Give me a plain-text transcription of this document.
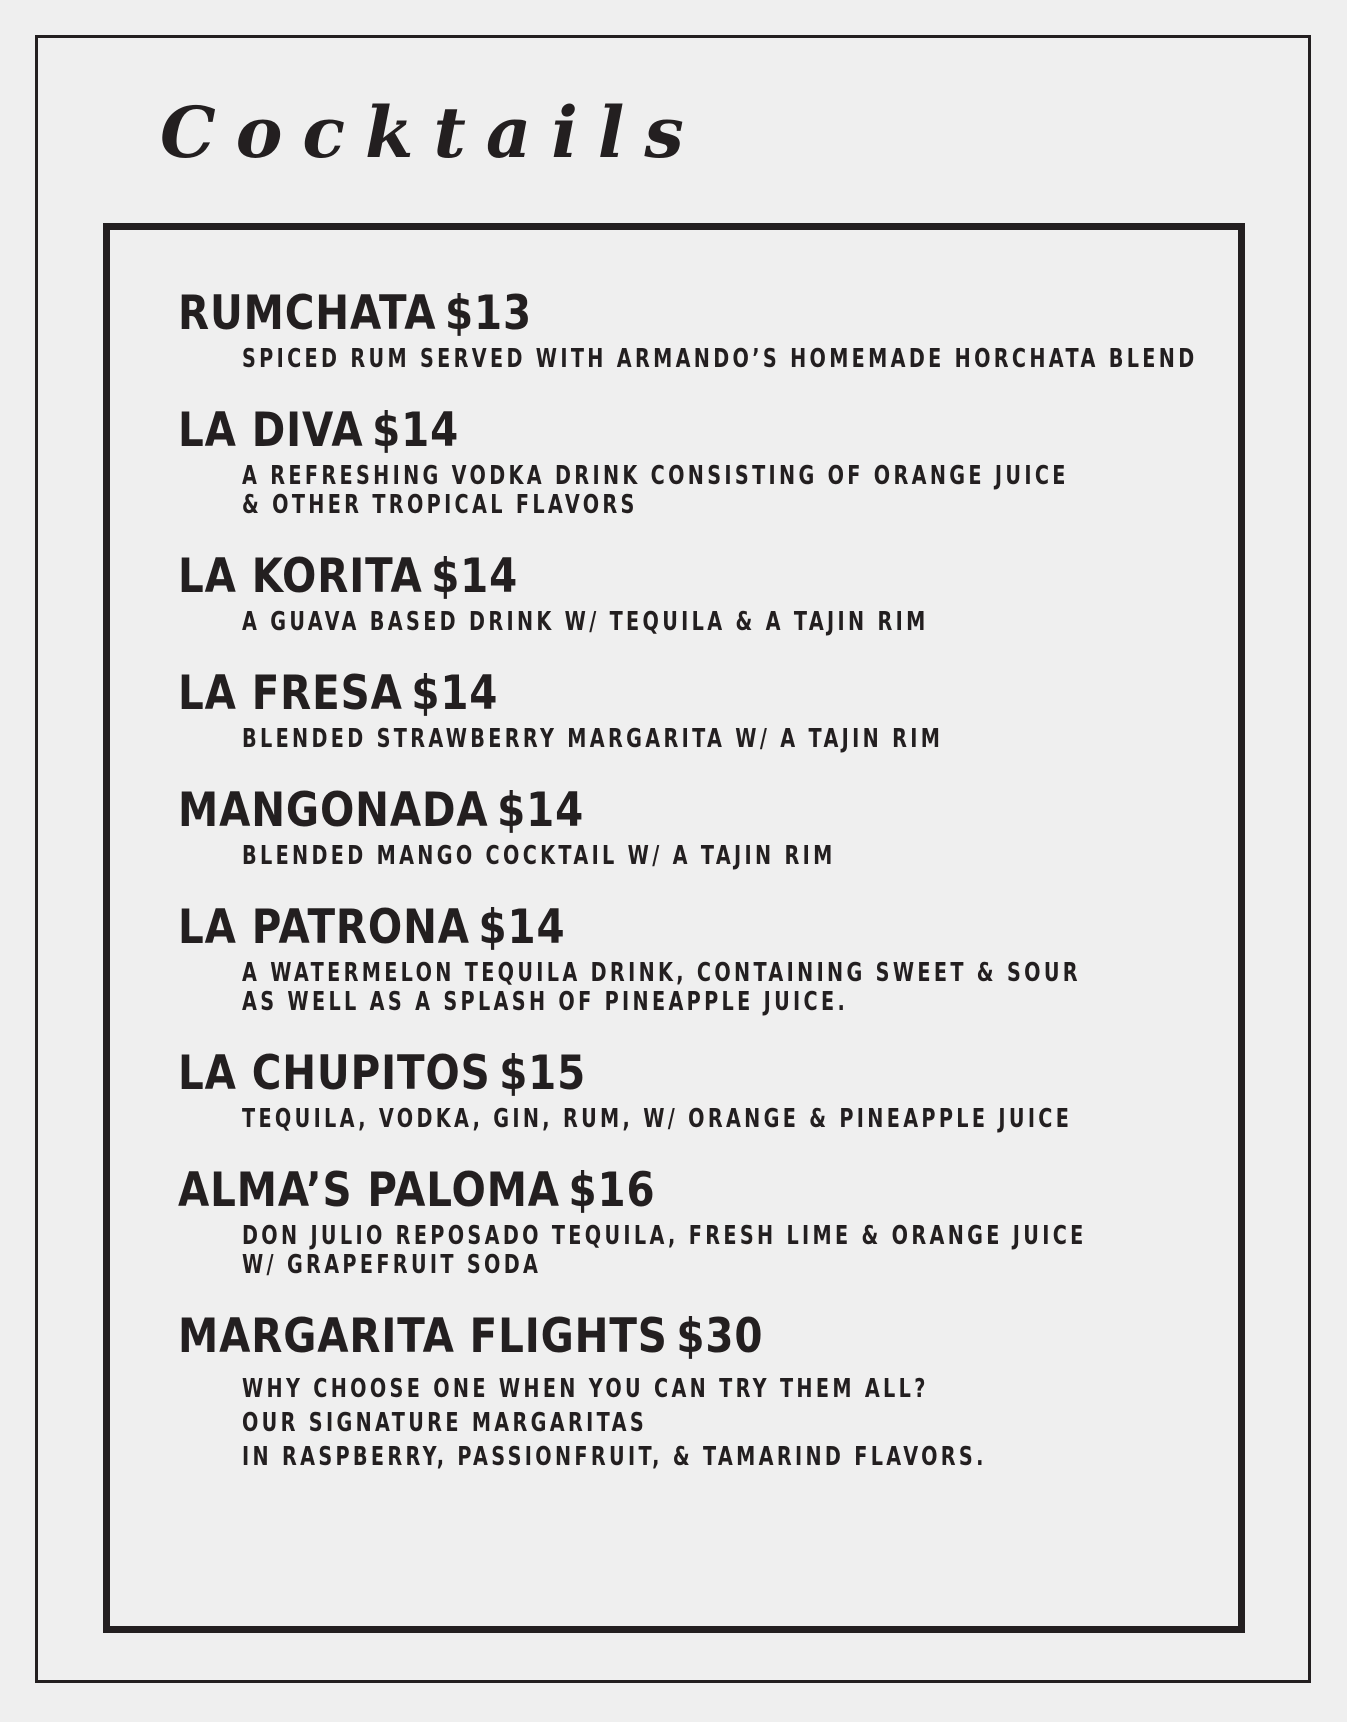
Cocktails
RUMCHATA $13
SPICED RUM SERVED WITH ARMANDO’S HOMEMADE HORCHATA BLEND
LA DIVA $14
A REFRESHING VODKA DRINK CONSISTING OF ORANGE JUICE
& OTHER TROPICAL FLAVORS
LA KORITA $14
A GUAVA BASED DRINK W/ TEQUILA & A TAJIN RIM
LA FRESA $14
BLENDED STRAWBERRY MARGARITA W/ A TAJIN RIM
MANGONADA $14
BLENDED MANGO COCKTAIL W/ A TAJIN RIM
LA PATRONA $14
A WATERMELON TEQUILA DRINK, CONTAINING SWEET & SOUR
AS WELL AS A SPLASH OF PINEAPPLE JUICE.
LA CHUPITOS $15
TEQUILA, VODKA, GIN, RUM, W/ ORANGE & PINEAPPLE JUICE
ALMA’S PALOMA $16
DON JULIO REPOSADO TEQUILA, FRESH LIME & ORANGE JUICE
W/ GRAPEFRUIT SODA
MARGARITA FLIGHTS $30
WHY CHOOSE ONE WHEN YOU CAN TRY THEM ALL?
OUR SIGNATURE MARGARITAS
IN RASPBERRY, PASSIONFRUIT, & TAMARIND FLAVORS.
